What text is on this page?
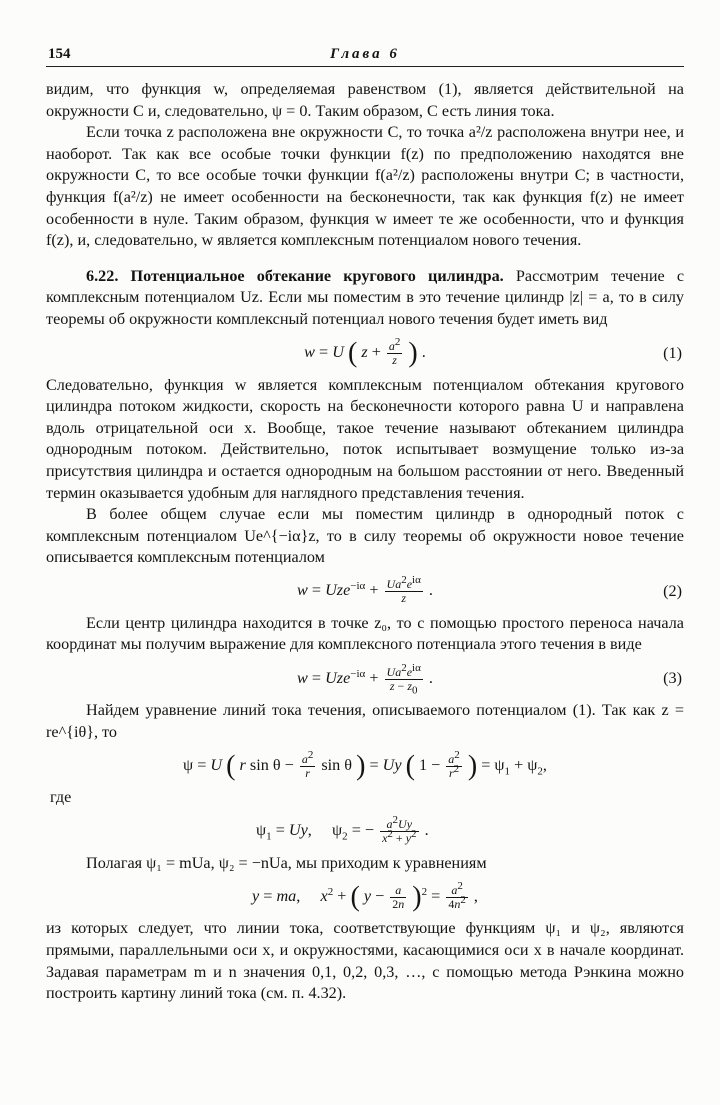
154	Глава 6

видим, что функция w, определяемая равенством (1), является действительной на окружности C и, следовательно, ψ = 0. Таким образом, C есть линия тока.

Если точка z расположена вне окружности C, то точка a²/z расположена внутри нее, и наоборот. Так как все особые точки функции f(z) по предположению находятся вне окружности C, то все особые точки функции f(a²/z) расположены внутри C; в частности, функция f(a²/z) не имеет особенности на бесконечности, так как функция f(z) не имеет особенности в нуле. Таким образом, функция w имеет те же особенности, что и функция f(z), и, следовательно, w является комплексным потенциалом нового течения.

6.22. Потенциальное обтекание кругового цилиндра. Рассмотрим течение с комплексным потенциалом Uz. Если мы поместим в это течение цилиндр |z| = a, то в силу теоремы об окружности комплексный потенциал нового течения будет иметь вид

w = U ( $z + \frac{a^2}{z}$ ) .	(1)

Следовательно, функция w является комплексным потенциалом обтекания кругового цилиндра потоком жидкости, скорость на бесконечности которого равна U и направлена вдоль отрицательной оси x. Вообще, такое течение называют обтеканием цилиндра однородным потоком. Действительно, поток испытывает возмущение только из-за присутствия цилиндра и остается однородным на большом расстоянии от него. Введенный термин оказывается удобным для наглядного представления течения.

В более общем случае если мы поместим цилиндр в однородный поток с комплексным потенциалом Ue^{−iα}z, то в силу теоремы об окружности новое течение описывается комплексным потенциалом

$w = Uze^{-i\alpha} + \frac{Ua^2e^{i\alpha}}{z}$ .	(2)

Если центр цилиндра находится в точке z₀, то с помощью простого переноса начала координат мы получим выражение для комплексного потенциала этого течения в виде

$w = Uze^{-i\alpha} + \frac{Ua^2e^{i\alpha}}{z - z_0}$ .	(3)

Найдем уравнение линий тока течения, описываемого потенциалом (1). Так как z = re^{iθ}, то

ψ = U ( r $\sin \theta - \frac{a^2}{r}$ sin θ ) = Uy ( $1 - \frac{a^2}{r^2}$ ) = $\psi_1 + \psi_2$,

где

$\psi_1 = Uy$,     $\psi_2$ = − $\frac{a^2Uy}{x^2 + y^2}$ .

Полагая ψ₁ = mUa, ψ₂ = −nUa, мы приходим к уравнениям

y = ma,     $x^2$ + ( $y - \frac{a}{2n} )^2 = \frac{a^2}{4n^2}$ ,

из которых следует, что линии тока, соответствующие функциям ψ₁ и ψ₂, являются прямыми, параллельными оси x, и окружностями, касающимися оси x в начале координат. Задавая параметрам m и n значения 0,1, 0,2, 0,3, …, с помощью метода Рэнкина можно построить картину линий тока (см. п. 4.32).
